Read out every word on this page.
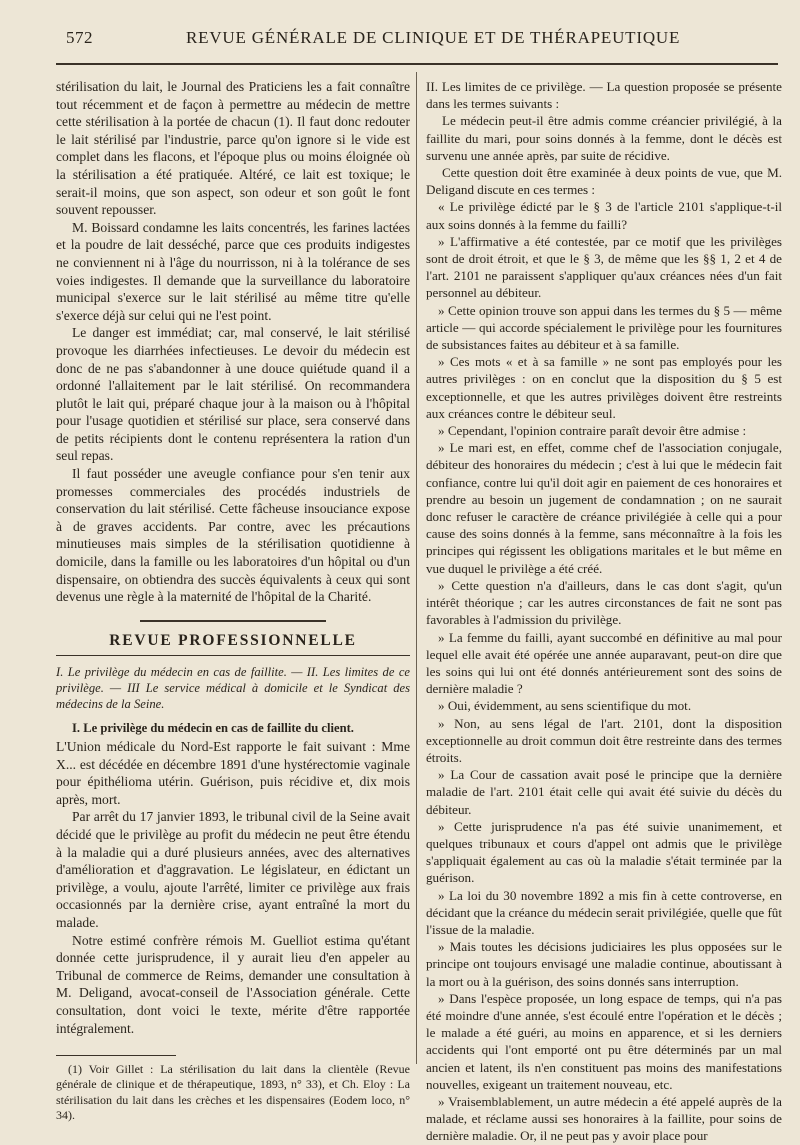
572	REVUE GÉNÉRALE DE CLINIQUE ET DE THÉRAPEUTIQUE

stérilisation du lait, le Journal des Praticiens les a fait connaître tout récemment et de façon à permettre au médecin de mettre cette stérilisation à la portée de chacun (1). Il faut donc redouter le lait stérilisé par l'industrie, parce qu'on ignore si le vide est complet dans les flacons, et l'époque plus ou moins éloignée où la stérilisation a été pratiquée. Altéré, ce lait est toxique; le serait-il moins, que son aspect, son odeur et son goût le font souvent repousser.

M. Boissard condamne les laits concentrés, les farines lactées et la poudre de lait desséché, parce que ces produits indigestes ne conviennent ni à l'âge du nourrisson, ni à la tolérance de ses voies indigestes. Il demande que la surveillance du laboratoire municipal s'exerce sur le lait stérilisé au même titre qu'elle s'exerce déjà sur celui qui ne l'est point.

Le danger est immédiat; car, mal conservé, le lait stérilisé provoque les diarrhées infectieuses. Le devoir du médecin est donc de ne pas s'abandonner à une douce quiétude quand il a ordonné l'allaitement par le lait stérilisé. On recommandera plutôt le lait qui, préparé chaque jour à la maison ou à l'hôpital pour l'usage quotidien et stérilisé sur place, sera conservé dans de petits récipients dont le contenu représentera la ration d'un seul repas.

Il faut posséder une aveugle confiance pour s'en tenir aux promesses commerciales des procédés industriels de conservation du lait stérilisé. Cette fâcheuse insouciance expose à de graves accidents. Par contre, avec les précautions minutieuses mais simples de la stérilisation quotidienne à domicile, dans la famille ou les laboratoires d'un hôpital ou d'un dispensaire, on obtiendra des succès équivalents à ceux qui sont devenus une règle à la maternité de l'hôpital de la Charité.

REVUE PROFESSIONNELLE

I. Le privilège du médecin en cas de faillite. — II. Les limites de ce privilège. — III Le service médical à domicile et le Syndicat des médecins de la Seine.

I. Le privilège du médecin en cas de faillite du client.

L'Union médicale du Nord-Est rapporte le fait suivant : Mme X... est décédée en décembre 1891 d'une hystérectomie vaginale pour épithélioma utérin. Guérison, puis récidive et, dix mois après, mort.

Par arrêt du 17 janvier 1893, le tribunal civil de la Seine avait décidé que le privilège au profit du médecin ne peut être étendu à la maladie qui a duré plusieurs années, avec des alternatives d'amélioration et d'aggravation. Le législateur, en édictant un privilège, a voulu, ajoute l'arrêté, limiter ce privilège aux frais occasionnés par la dernière crise, ayant entraîné la mort du malade.

Notre estimé confrère rémois M. Guelliot estima qu'étant donnée cette jurisprudence, il y aurait lieu d'en appeler au Tribunal de commerce de Reims, demander une consultation à M. Deligand, avocat-conseil de l'Association générale. Cette consultation, dont voici le texte, mérite d'être rapportée intégralement.

(1) Voir Gillet : La stérilisation du lait dans la clientèle (Revue générale de clinique et de thérapeutique, 1893, n° 33), et Ch. Eloy : La stérilisation du lait dans les crèches et les dispensaires (Eodem loco, n° 34).

II. Les limites de ce privilège. — La question proposée se présente dans les termes suivants :

Le médecin peut-il être admis comme créancier privilégié, à la faillite du mari, pour soins donnés à la femme, dont le décès est survenu une année après, par suite de récidive.

Cette question doit être examinée à deux points de vue, que M. Deligand discute en ces termes :

« Le privilège édicté par le § 3 de l'article 2101 s'applique-t-il aux soins donnés à la femme du failli?

» L'affirmative a été contestée, par ce motif que les privilèges sont de droit étroit, et que le § 3, de même que les §§ 1, 2 et 4 de l'art. 2101 ne paraissent s'appliquer qu'aux créances nées d'un fait personnel au débiteur.

» Cette opinion trouve son appui dans les termes du § 5 — même article — qui accorde spécialement le privilège pour les fournitures de subsistances faites au débiteur et à sa famille.

» Ces mots « et à sa famille » ne sont pas employés pour les autres privilèges : on en conclut que la disposition du § 5 est exceptionnelle, et que les autres privilèges doivent être restreints aux créances contre le débiteur seul.

» Cependant, l'opinion contraire paraît devoir être admise :

» Le mari est, en effet, comme chef de l'association conjugale, débiteur des honoraires du médecin ; c'est à lui que le médecin fait confiance, contre lui qu'il doit agir en paiement de ces honoraires et prendre au besoin un jugement de condamnation ; on ne saurait donc refuser le caractère de créance privilégiée à celle qui a pour cause des soins donnés à la femme, sans méconnaître à la fois les principes qui régissent les obligations maritales et le but même en vue duquel le privilège a été créé.

» Cette question n'a d'ailleurs, dans le cas dont s'agit, qu'un intérêt théorique ; car les autres circonstances de fait ne sont pas favorables à l'admission du privilège.

» La femme du failli, ayant succombé en définitive au mal pour lequel elle avait été opérée une année auparavant, peut-on dire que les soins qui lui ont été donnés antérieurement sont des soins de dernière maladie ?

» Oui, évidemment, au sens scientifique du mot.

» Non, au sens légal de l'art. 2101, dont la disposition exceptionnelle au droit commun doit être restreinte dans des termes étroits.

» La Cour de cassation avait posé le principe que la dernière maladie de l'art. 2101 était celle qui avait été suivie du décès du débiteur.

» Cette jurisprudence n'a pas été suivie unanimement, et quelques tribunaux et cours d'appel ont admis que le privilège s'appliquait également au cas où la maladie s'était terminée par la guérison.

» La loi du 30 novembre 1892 a mis fin à cette controverse, en décidant que la créance du médecin serait privilégiée, quelle que fût l'issue de la maladie.

» Mais toutes les décisions judiciaires les plus opposées sur le principe ont toujours envisagé une maladie continue, aboutissant à la mort ou à la guérison, des soins donnés sans interruption.

» Dans l'espèce proposée, un long espace de temps, qui n'a pas été moindre d'une année, s'est écoulé entre l'opération et le décès ; le malade a été guéri, au moins en apparence, et si les derniers accidents qui l'ont emporté ont pu être déterminés par un mal ancien et latent, ils n'en constituent pas moins des manifestations nouvelles, exigeant un traitement nouveau, etc.

» Vraisemblablement, un autre médecin a été appelé auprès de la malade, et réclame aussi ses honoraires à la faillite, pour soins de dernière maladie. Or, il ne peut pas y avoir place pour
